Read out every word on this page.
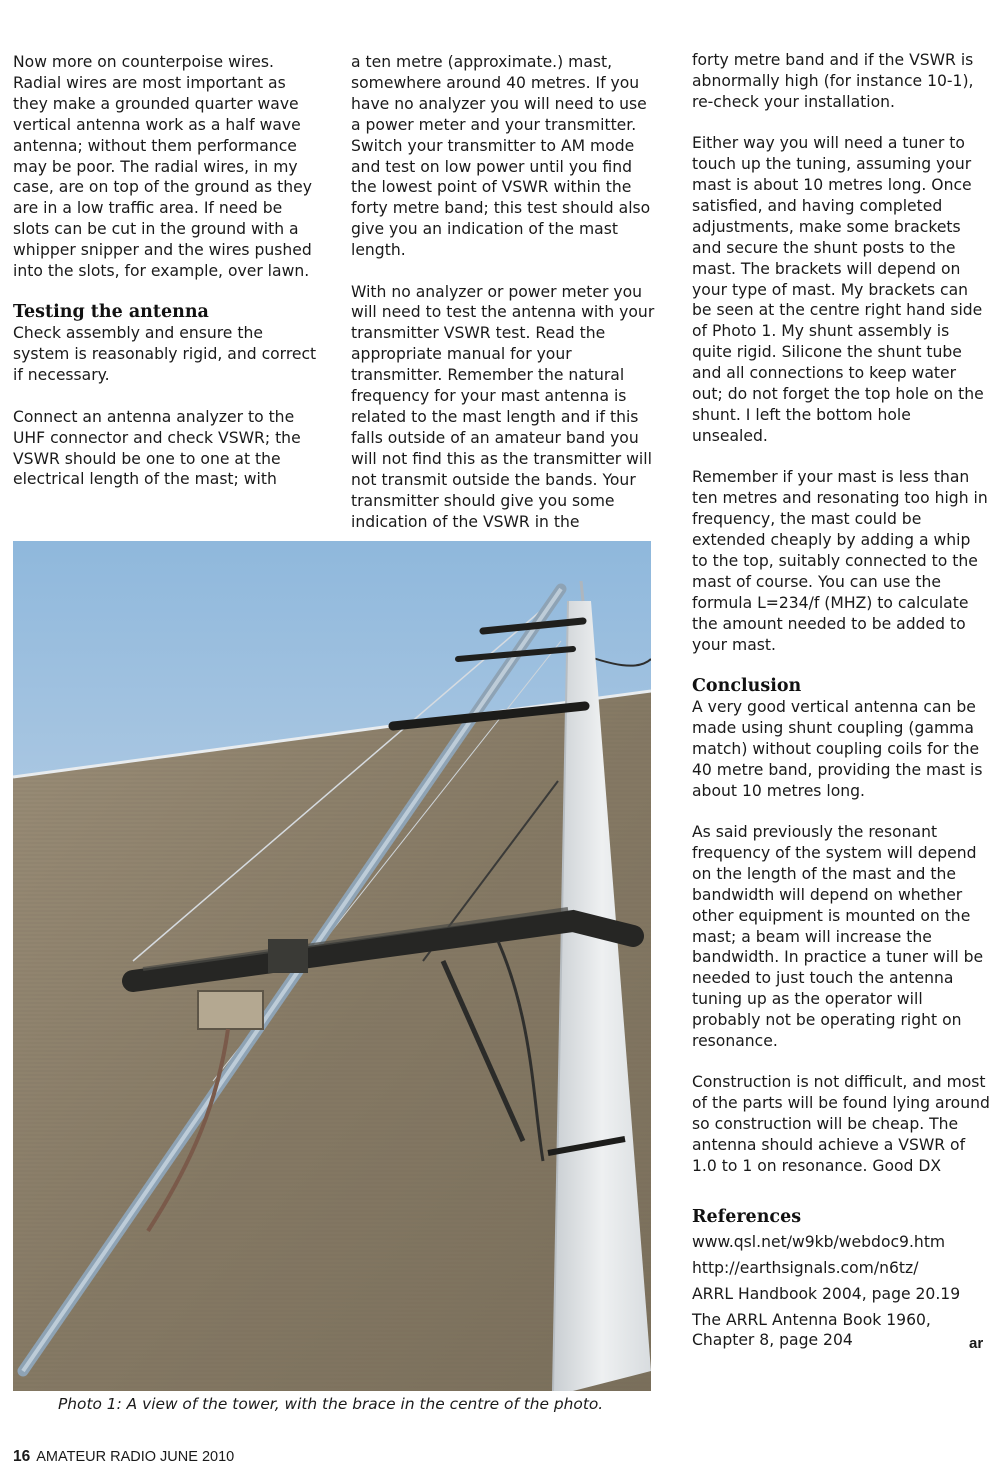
Now more on counterpoise wires. Radial wires are most important as they make a grounded quarter wave vertical antenna work as a half wave antenna; without them performance may be poor. The radial wires, in my case, are on top of the ground as they are in a low traffic area. If need be slots can be cut in the ground with a whipper snipper and the wires pushed into the slots, for example, over lawn.

Testing the antenna

Check assembly and ensure the system is reasonably rigid, and correct if necessary.

Connect an antenna analyzer to the UHF connector and check VSWR; the VSWR should be one to one at the electrical length of the mast; with

a ten metre (approximate.) mast, somewhere around 40 metres. If you have no analyzer you will need to use a power meter and your transmitter. Switch your transmitter to AM mode and test on low power until you find the lowest point of VSWR within the forty metre band; this test should also give you an indication of the mast length.

With no analyzer or power meter you will need to test the antenna with your transmitter VSWR test. Read the appropriate manual for your transmitter. Remember the natural frequency for your mast antenna is related to the mast length and if this falls outside of an amateur band you will not find this as the transmitter will not transmit outside the bands. Your transmitter should give you some indication of the VSWR in the

forty metre band and if the VSWR is abnormally high (for instance 10-1), re-check your installation.

Either way you will need a tuner to touch up the tuning, assuming your mast is about 10 metres long. Once satisfied, and having completed adjustments, make some brackets and secure the shunt posts to the mast. The brackets will depend on your type of mast. My brackets can be seen at the centre right hand side of Photo 1. My shunt assembly is quite rigid. Silicone the shunt tube and all connections to keep water out; do not forget the top hole on the shunt. I left the bottom hole unsealed.

Remember if your mast is less than ten metres and resonating too high in frequency, the mast could be extended cheaply by adding a whip to the top, suitably connected to the mast of course. You can use the formula L=234/f (MHZ) to calculate the amount needed to be added to your mast.

Conclusion

A very good vertical antenna can be made using shunt coupling (gamma match) without coupling coils for the 40 metre band, providing the mast is about 10 metres long.

As said previously the resonant frequency of the system will depend on the length of the mast and the bandwidth will depend on whether other equipment is mounted on the mast; a beam will increase the bandwidth. In practice a tuner will be needed to just touch the antenna tuning up as the operator will probably not be operating right on resonance.

Construction is not difficult, and most of the parts will be found lying around so construction will be cheap. The antenna should achieve a VSWR of 1.0 to 1 on resonance. Good DX

References
www.qsl.net/w9kb/webdoc9.htm
http://earthsignals.com/n6tz/
ARRL Handbook 2004, page 20.19
The ARRL Antenna Book 1960,
Chapter 8, page 204
Photo 1: A view of the tower, with the brace in the centre of the photo.
ar
16 AMATEUR RADIO JUNE 2010
